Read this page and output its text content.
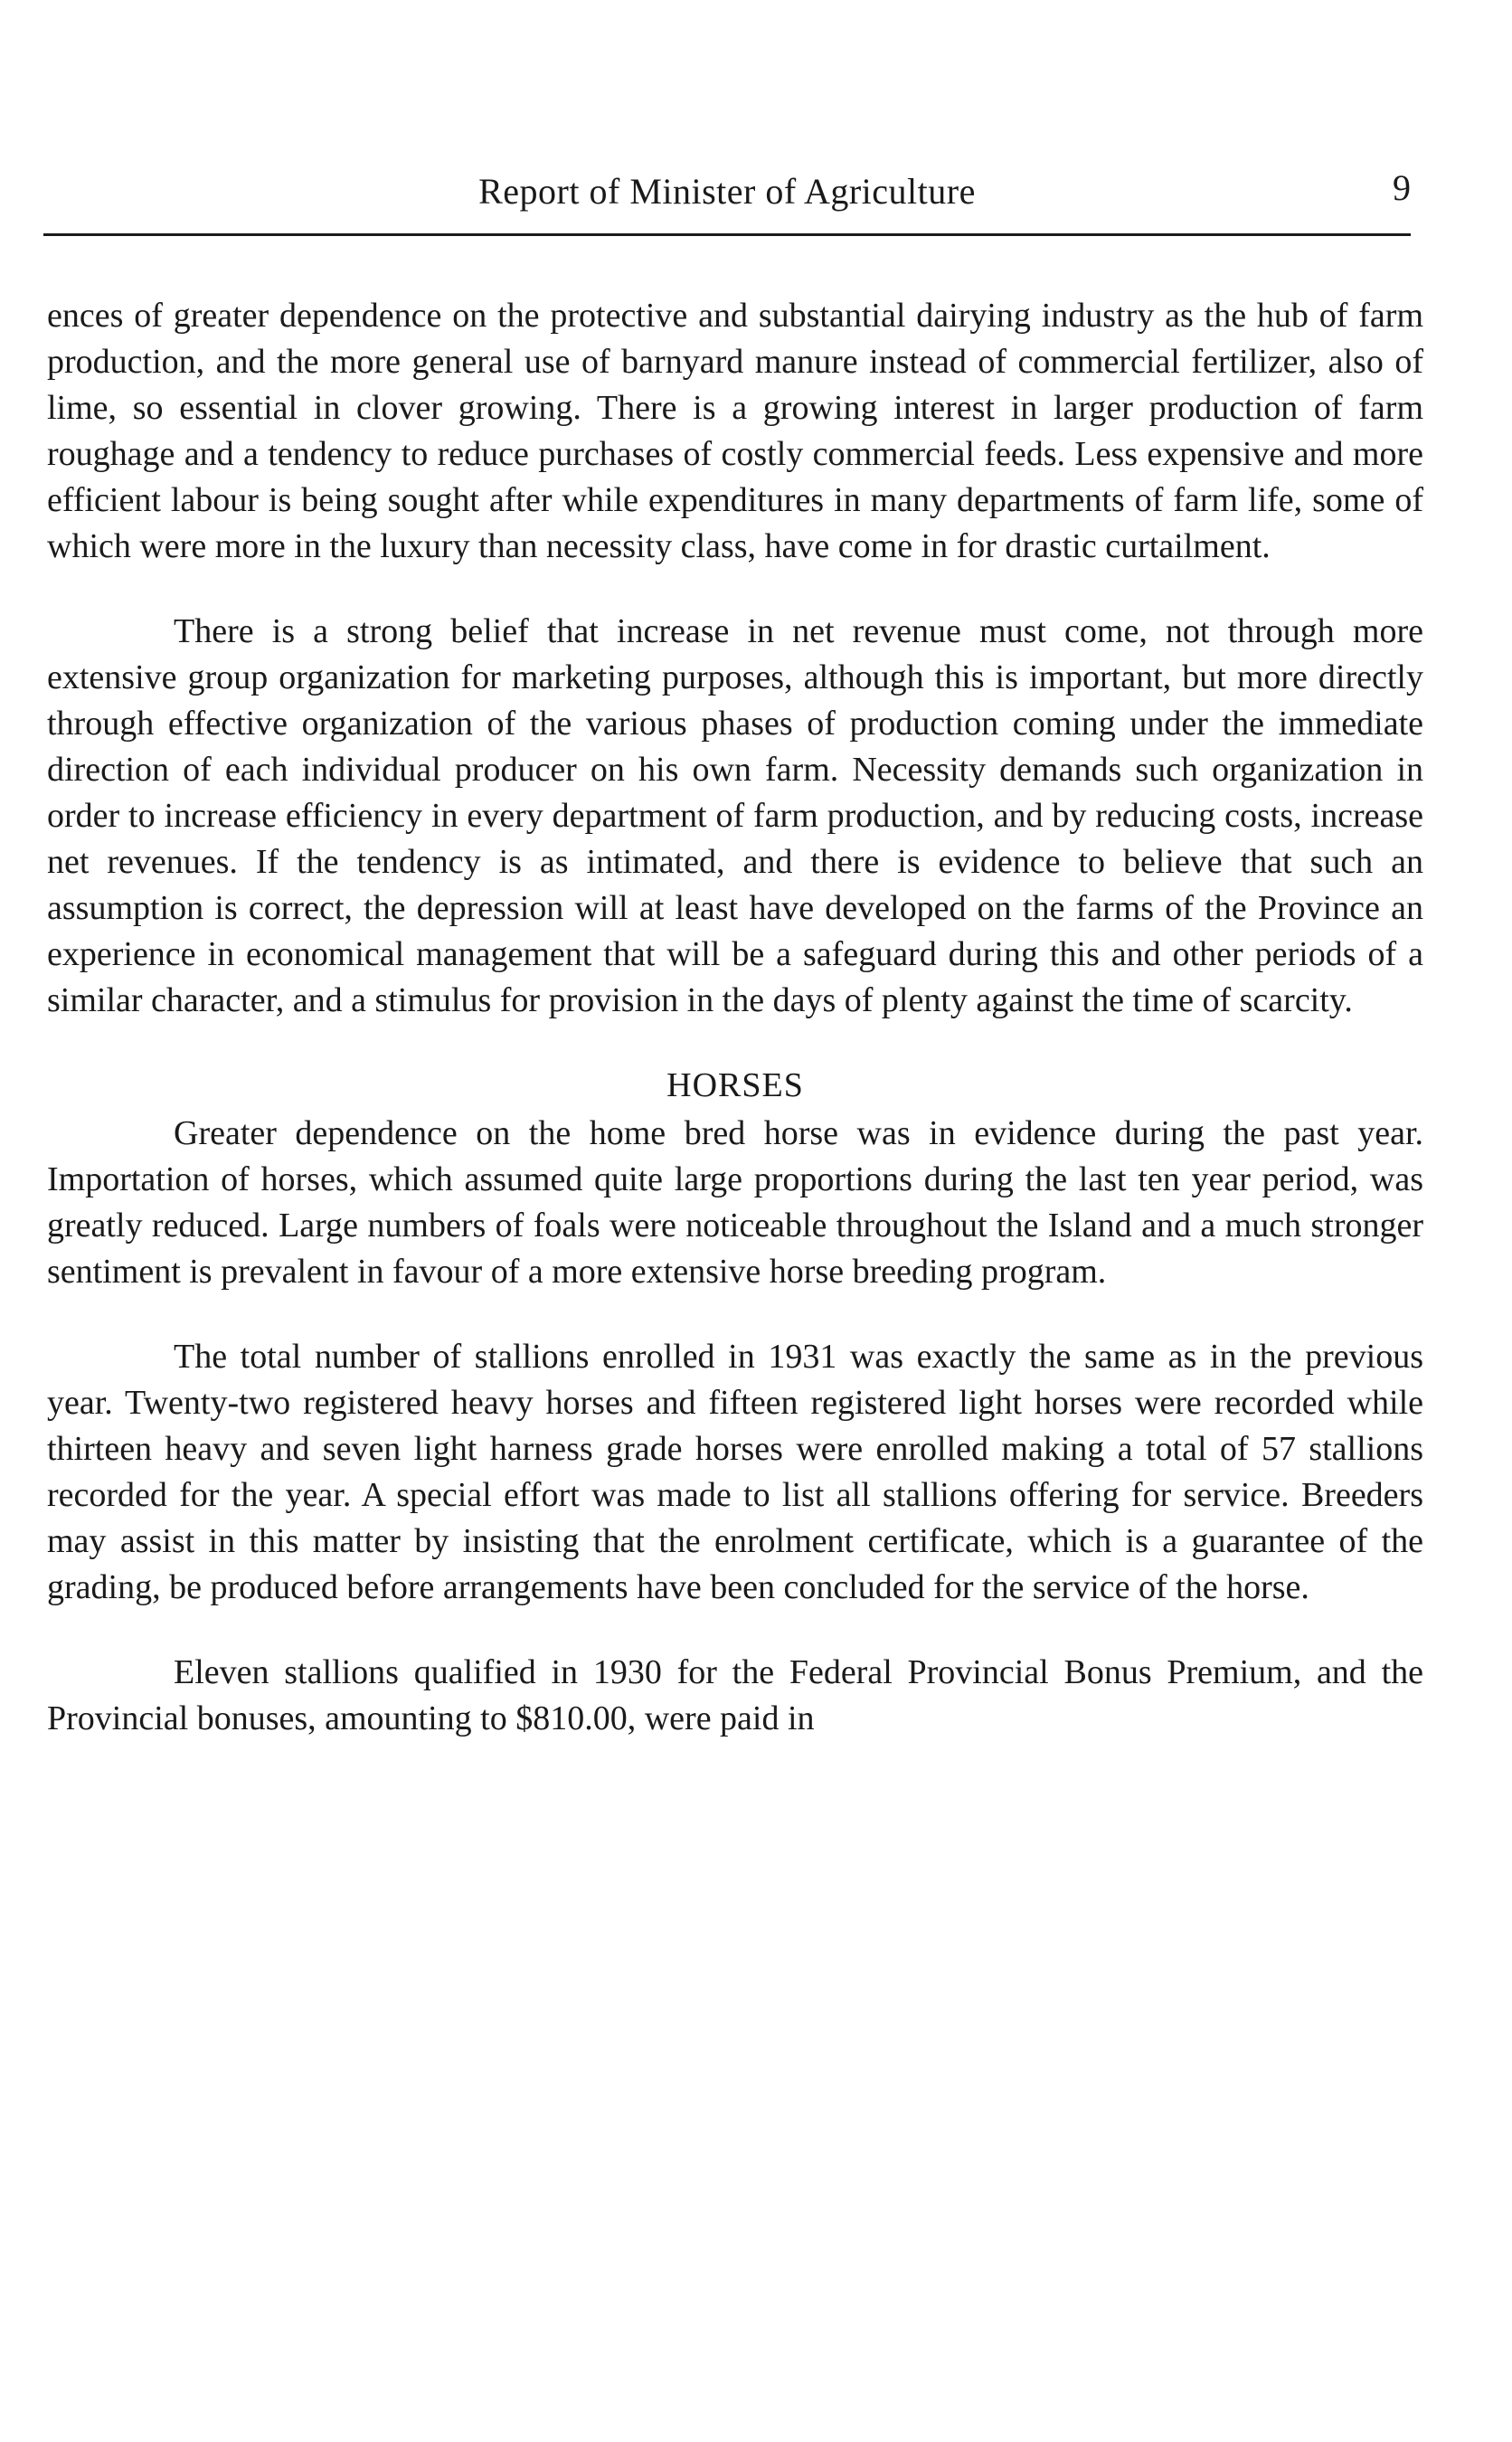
Report of Minister of Agriculture	9

ences of greater dependence on the protective and substantial dairying industry as the hub of farm production, and the more general use of barnyard manure instead of commercial fertilizer, also of lime, so essential in clover growing. There is a growing interest in larger production of farm roughage and a tendency to reduce purchases of costly commercial feeds. Less expensive and more efficient labour is being sought after while expenditures in many departments of farm life, some of which were more in the luxury than necessity class, have come in for drastic curtailment.

There is a strong belief that increase in net revenue must come, not through more extensive group organization for marketing purposes, although this is important, but more directly through effective organization of the various phases of production coming under the immediate direction of each individual producer on his own farm. Necessity demands such organization in order to increase efficiency in every department of farm production, and by reducing costs, increase net revenues. If the tendency is as intimated, and there is evidence to believe that such an assumption is correct, the depression will at least have developed on the farms of the Province an experience in economical management that will be a safeguard during this and other periods of a similar character, and a stimulus for provision in the days of plenty against the time of scarcity.

HORSES

Greater dependence on the home bred horse was in evidence during the past year. Importation of horses, which assumed quite large proportions during the last ten year period, was greatly reduced. Large numbers of foals were noticeable throughout the Island and a much stronger sentiment is prevalent in favour of a more extensive horse breeding program.

The total number of stallions enrolled in 1931 was exactly the same as in the previous year. Twenty-two registered heavy horses and fifteen registered light horses were recorded while thirteen heavy and seven light harness grade horses were enrolled making a total of 57 stallions recorded for the year. A special effort was made to list all stallions offering for service. Breeders may assist in this matter by insisting that the enrolment certificate, which is a guarantee of the grading, be produced before arrangements have been concluded for the service of the horse.

Eleven stallions qualified in 1930 for the Federal Provincial Bonus Premium, and the Provincial bonuses, amounting to $810.00, were paid in
